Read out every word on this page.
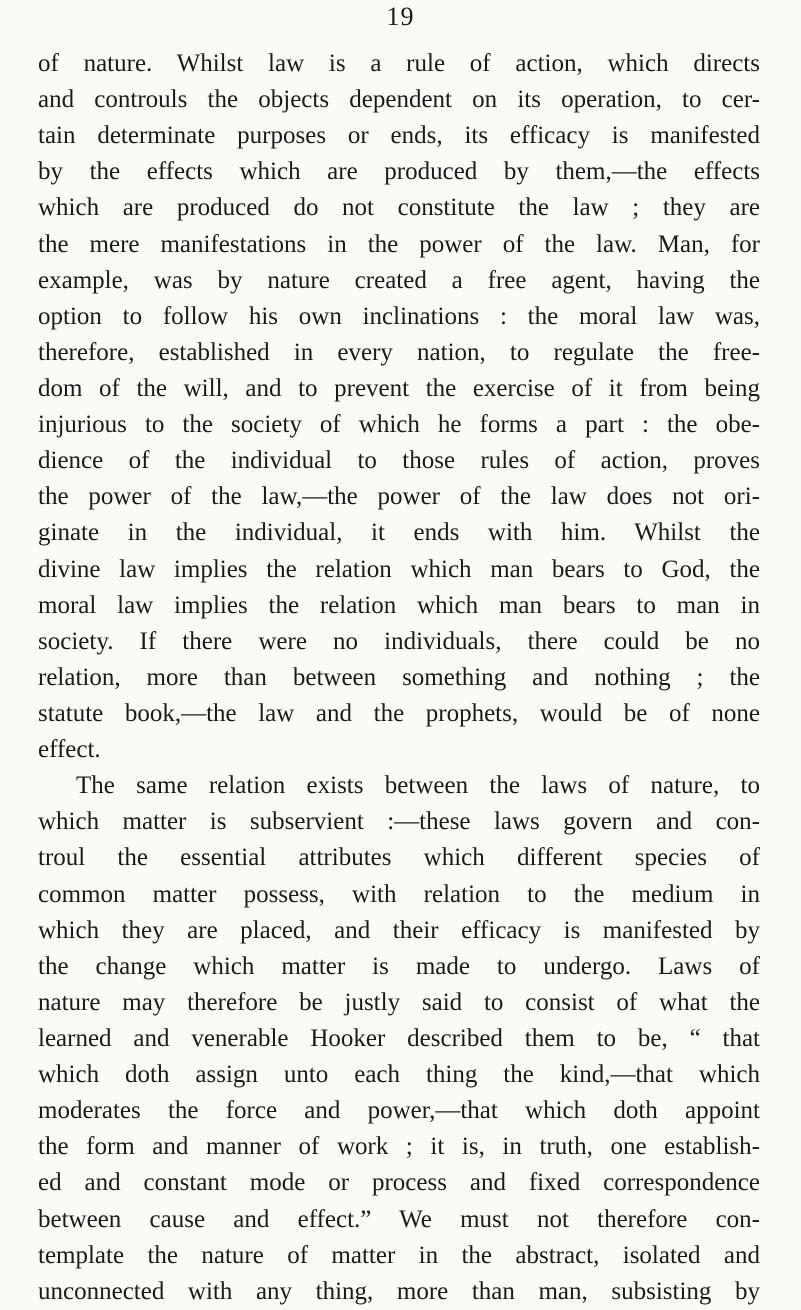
19
of nature. Whilst law is a rule of action, which directs
and controuls the objects dependent on its operation, to cer-
tain determinate purposes or ends, its efficacy is manifested
by the effects which are produced by them,—the effects
which are produced do not constitute the law ; they are
the mere manifestations in the power of the law. Man, for
example, was by nature created a free agent, having the
option to follow his own inclinations : the moral law was,
therefore, established in every nation, to regulate the free-
dom of the will, and to prevent the exercise of it from being
injurious to the society of which he forms a part : the obe-
dience of the individual to those rules of action, proves
the power of the law,—the power of the law does not ori-
ginate in the individual, it ends with him. Whilst the
divine law implies the relation which man bears to God, the
moral law implies the relation which man bears to man in
society. If there were no individuals, there could be no
relation, more than between something and nothing ; the
statute book,—the law and the prophets, would be of none
effect.
The same relation exists between the laws of nature, to
which matter is subservient :—these laws govern and con-
troul the essential attributes which different species of
common matter possess, with relation to the medium in
which they are placed, and their efficacy is manifested by
the change which matter is made to undergo. Laws of
nature may therefore be justly said to consist of what the
learned and venerable Hooker described them to be, “ that
which doth assign unto each thing the kind,—that which
moderates the force and power,—that which doth appoint
the form and manner of work ; it is, in truth, one establish-
ed and constant mode or process and fixed correspondence
between cause and effect.” We must not therefore con-
template the nature of matter in the abstract, isolated and
unconnected with any thing, more than man, subsisting by
